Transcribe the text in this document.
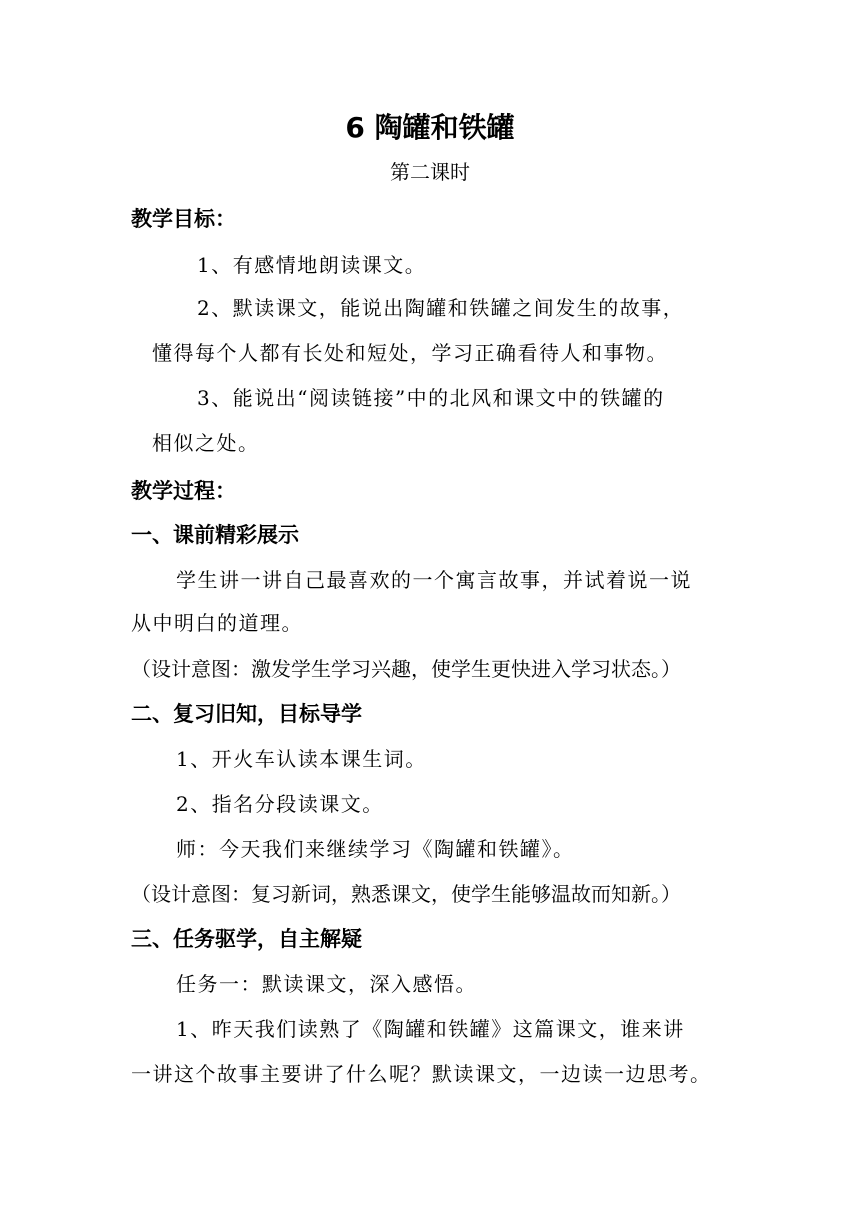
6 陶罐和铁罐
第二课时
教学目标：
1、有感情地朗读课文。
2、默读课文，能说出陶罐和铁罐之间发生的故事，
懂得每个人都有长处和短处，学习正确看待人和事物。
3、能说出“阅读链接”中的北风和课文中的铁罐的
相似之处。
教学过程：
一、课前精彩展示
学生讲一讲自己最喜欢的一个寓言故事，并试着说一说
从中明白的道理。
（设计意图：激发学生学习兴趣，使学生更快进入学习状态。）
二、复习旧知，目标导学
1、开火车认读本课生词。
2、指名分段读课文。
师：今天我们来继续学习《陶罐和铁罐》。
（设计意图：复习新词，熟悉课文，使学生能够温故而知新。）
三、任务驱学，自主解疑
任务一：默读课文，深入感悟。
1、昨天我们读熟了《陶罐和铁罐》这篇课文，谁来讲
一讲这个故事主要讲了什么呢？默读课文，一边读一边思考。
